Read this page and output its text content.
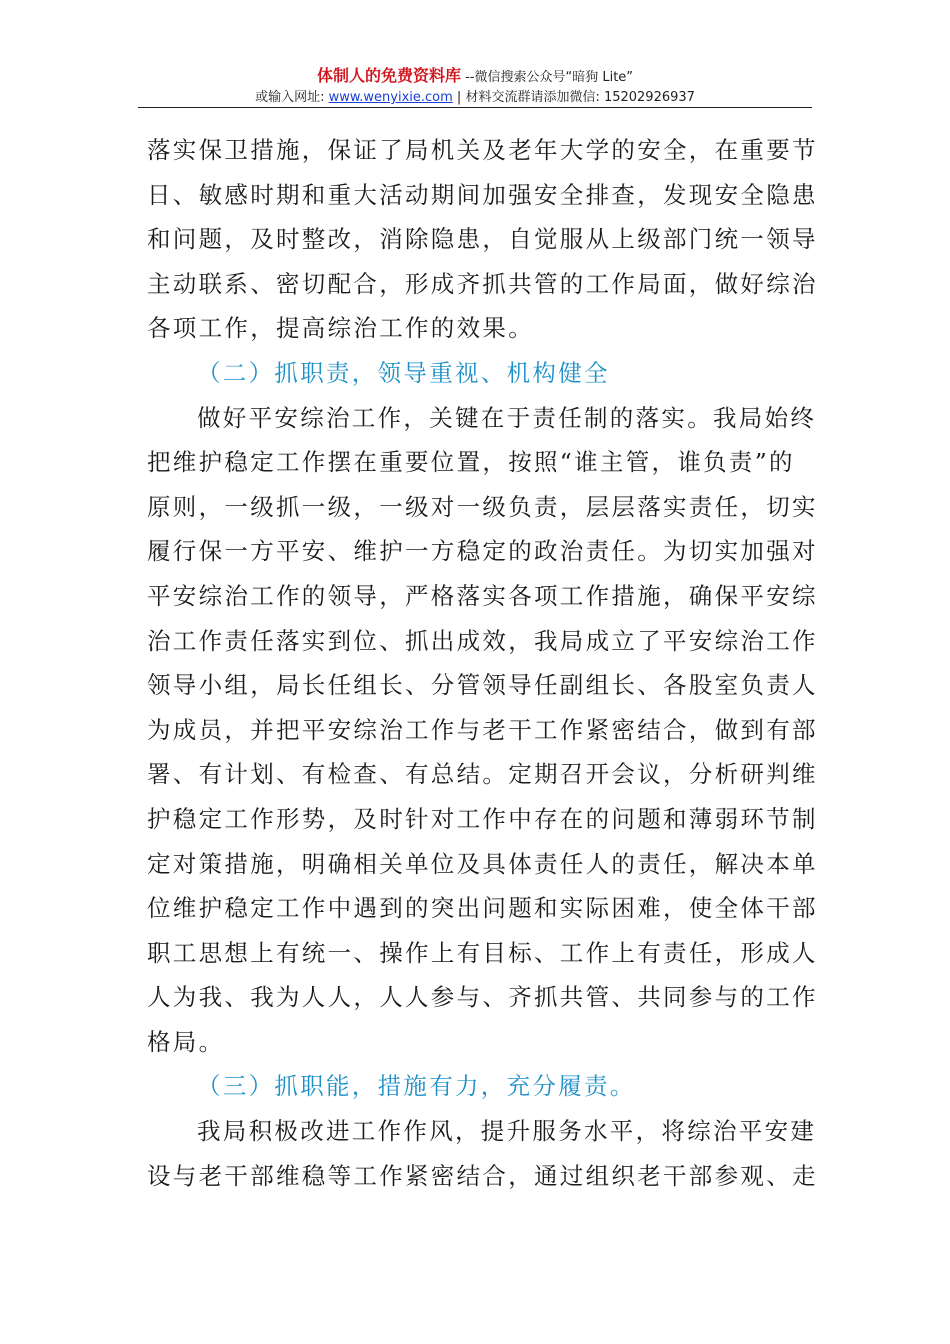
体制人的免费资料库 --微信搜索公众号“暗狗 Lite”
或输入网址: www.wenyixie.com | 材料交流群请添加微信: 15202926937
落实保卫措施，保证了局机关及老年大学的安全，在重要节
日、敏感时期和重大活动期间加强安全排查，发现安全隐患
和问题，及时整改，消除隐患，自觉服从上级部门统一领导
主动联系、密切配合，形成齐抓共管的工作局面，做好综治
各项工作，提高综治工作的效果。
（二）抓职责，领导重视、机构健全
做好平安综治工作，关键在于责任制的落实。我局始终
把维护稳定工作摆在重要位置，按照“谁主管，谁负责”的
原则，一级抓一级，一级对一级负责，层层落实责任，切实
履行保一方平安、维护一方稳定的政治责任。为切实加强对
平安综治工作的领导，严格落实各项工作措施，确保平安综
治工作责任落实到位、抓出成效，我局成立了平安综治工作
领导小组，局长任组长、分管领导任副组长、各股室负责人
为成员，并把平安综治工作与老干工作紧密结合，做到有部
署、有计划、有检查、有总结。定期召开会议，分析研判维
护稳定工作形势，及时针对工作中存在的问题和薄弱环节制
定对策措施，明确相关单位及具体责任人的责任，解决本单
位维护稳定工作中遇到的突出问题和实际困难，使全体干部
职工思想上有统一、操作上有目标、工作上有责任，形成人
人为我、我为人人，人人参与、齐抓共管、共同参与的工作
格局。
（三）抓职能，措施有力，充分履责。
我局积极改进工作作风，提升服务水平，将综治平安建
设与老干部维稳等工作紧密结合，通过组织老干部参观、走
